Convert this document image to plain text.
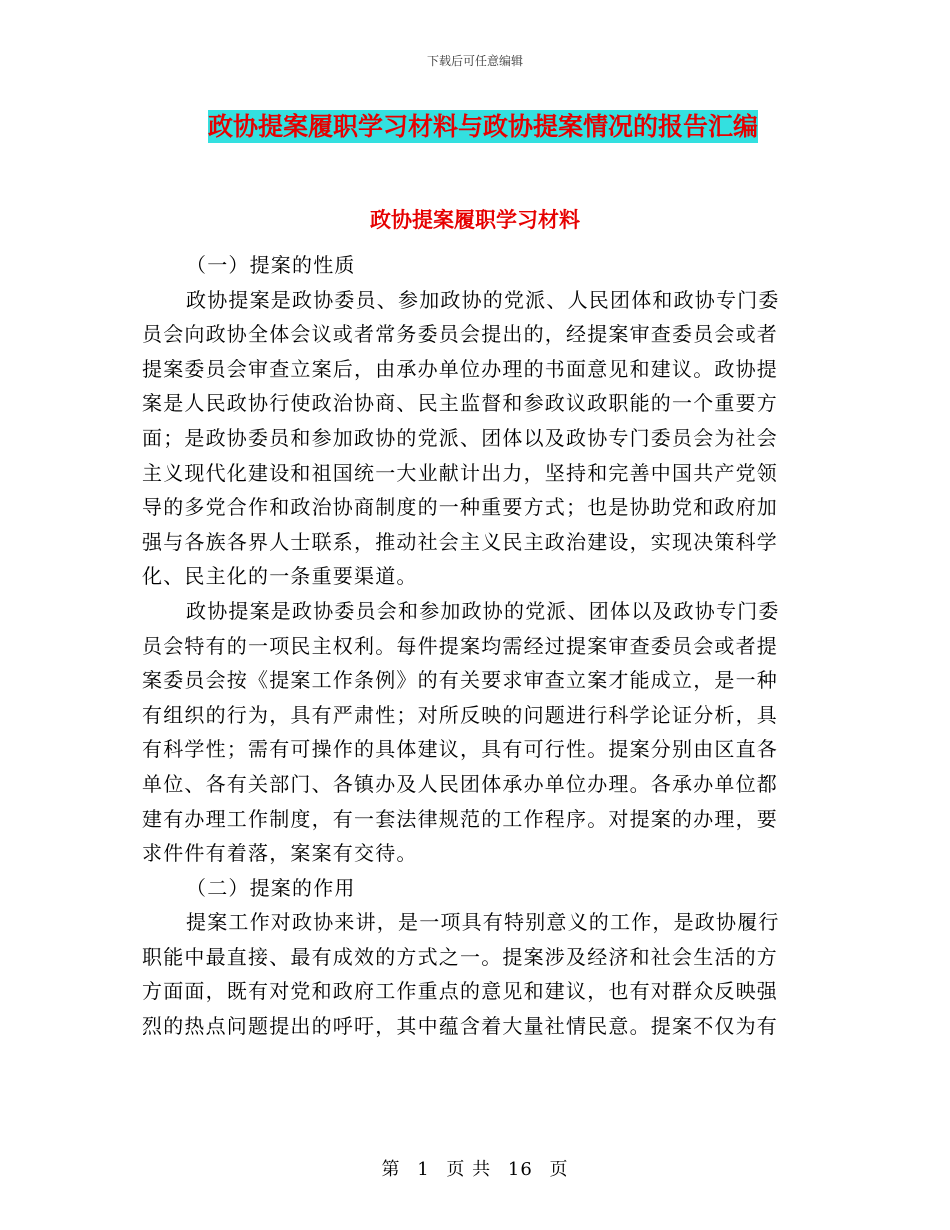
下载后可任意编辑
政协提案履职学习材料与政协提案情况的报告汇编
政协提案履职学习材料

（一）提案的性质

政协提案是政协委员、参加政协的党派、人民团体和政协专门委员会向政协全体会议或者常务委员会提出的，经提案审查委员会或者提案委员会审查立案后，由承办单位办理的书面意见和建议。政协提案是人民政协行使政治协商、民主监督和参政议政职能的一个重要方面；是政协委员和参加政协的党派、团体以及政协专门委员会为社会主义现代化建设和祖国统一大业献计出力，坚持和完善中国共产党领导的多党合作和政治协商制度的一种重要方式；也是协助党和政府加强与各族各界人士联系，推动社会主义民主政治建设，实现决策科学化、民主化的一条重要渠道。

政协提案是政协委员会和参加政协的党派、团体以及政协专门委员会特有的一项民主权利。每件提案均需经过提案审查委员会或者提案委员会按《提案工作条例》的有关要求审查立案才能成立，是一种有组织的行为，具有严肃性；对所反映的问题进行科学论证分析，具有科学性；需有可操作的具体建议，具有可行性。提案分别由区直各单位、各有关部门、各镇办及人民团体承办单位办理。各承办单位都建有办理工作制度，有一套法律规范的工作程序。对提案的办理，要求件件有着落，案案有交待。

（二）提案的作用

提案工作对政协来讲，是一项具有特别意义的工作，是政协履行职能中最直接、最有成效的方式之一。提案涉及经济和社会生活的方方面面，既有对党和政府工作重点的意见和建议，也有对群众反映强烈的热点问题提出的呼吁，其中蕴含着大量社情民意。提案不仅为有

第 1 页 共 16 页
